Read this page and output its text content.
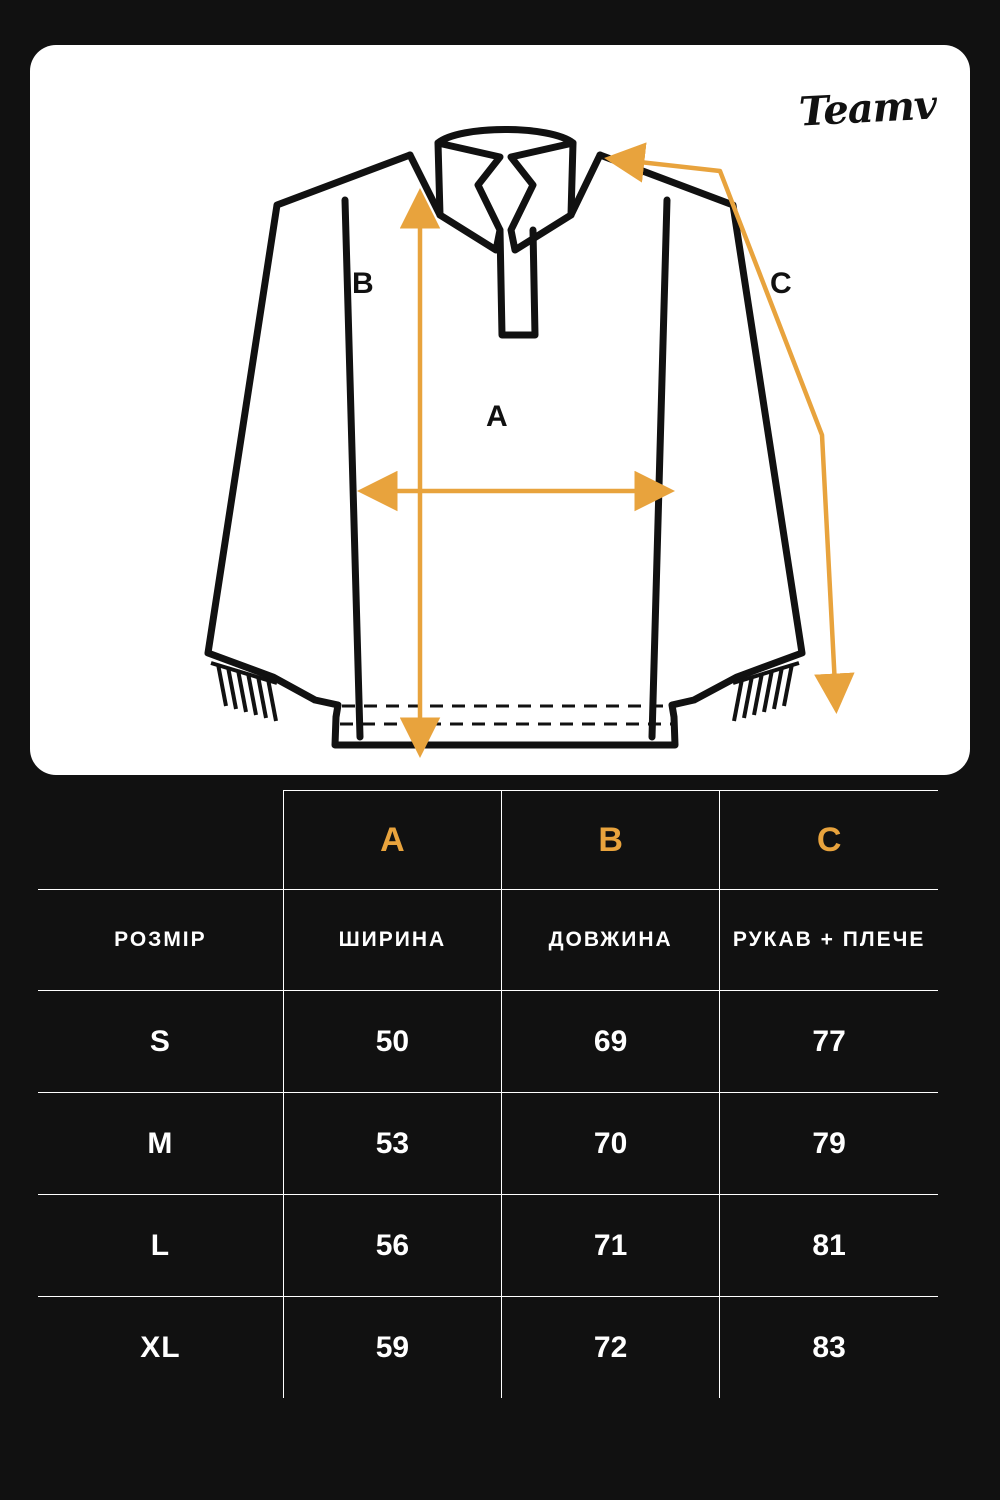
Teamv
A
B	C
	A	B	C
РОЗМІР	ШИРИНА	ДОВЖИНА	РУКАВ + ПЛЕЧЕ
S	50	69	77
M	53	70	79
L	56	71	81
XL	59	72	83
